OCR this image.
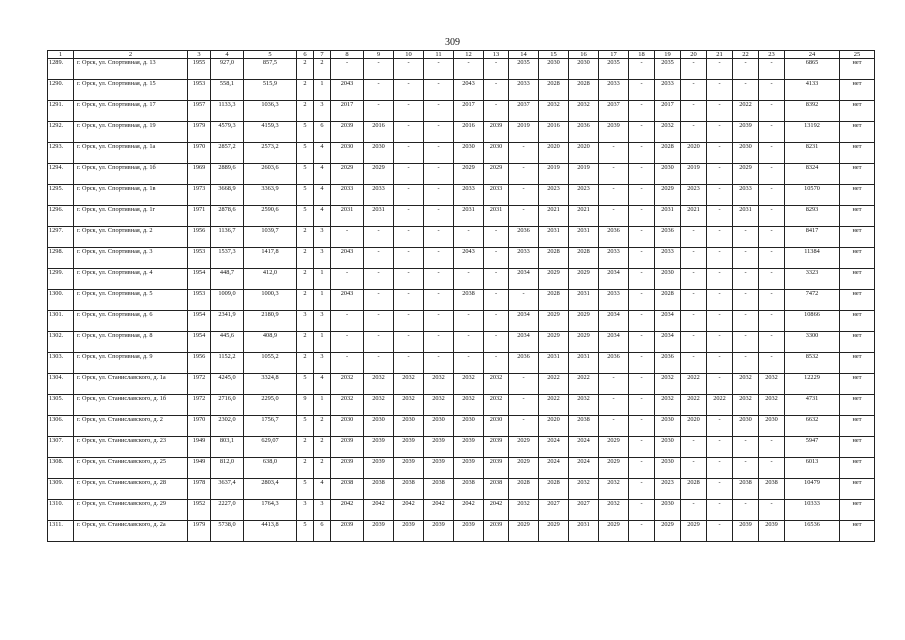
309
1	2	3	4	5	6	7	8	9	10	11	12	13	14	15	16	17	18	19	20	21	22	23	24	25
1289.	г. Орск, ул. Спортивная, д. 13	1955	927,0	857,5	2	2	-	-	-	-	-	-	2035	2030	2030	2035	-	2035	-	-	-	-	6865	нет
1290.	г. Орск, ул. Спортивная, д. 15	1953	558,1	515,9	2	1	2043	-	-	-	2043	-	2033	2028	2028	2033	-	2033	-	-	-	-	4133	нет
1291.	г. Орск, ул. Спортивная, д. 17	1957	1133,3	1036,3	2	3	2017	-	-	-	2017	-	2037	2032	2032	2037	-	2017	-	-	2022	-	8392	нет
1292.	г. Орск, ул. Спортивная, д. 19	1979	4579,3	4159,3	5	6	2039	2016	-	-	2016	2039	2019	2016	2036	2039	-	2032	-	-	2039	-	13192	нет
1293.	г. Орск, ул. Спортивная, д. 1а	1970	2857,2	2573,2	5	4	2030	2030	-	-	2030	2030	-	2020	2020	-	-	2028	2020	-	2030	-	8231	нет
1294.	г. Орск, ул. Спортивная, д. 1б	1969	2889,6	2603,6	5	4	2029	2029	-	-	2029	2029	-	2019	2019	-	-	2030	2019	-	2029	-	8324	нет
1295.	г. Орск, ул. Спортивная, д. 1в	1973	3668,9	3363,9	5	4	2033	2033	-	-	2033	2033	-	2023	2023	-	-	2029	2023	-	2033	-	10570	нет
1296.	г. Орск, ул. Спортивная, д. 1г	1971	2878,6	2590,6	5	4	2031	2031	-	-	2031	2031	-	2021	2021	-	-	2031	2021	-	2031	-	8293	нет
1297.	г. Орск, ул. Спортивная, д. 2	1956	1136,7	1039,7	2	3	-	-	-	-	-	-	2036	2031	2031	2036	-	2036	-	-	-	-	8417	нет
1298.	г. Орск, ул. Спортивная, д. 3	1953	1537,3	1417,8	2	3	2043	-	-	-	2043	-	2033	2028	2028	2033	-	2033	-	-	-	-	11384	нет
1299.	г. Орск, ул. Спортивная, д. 4	1954	448,7	412,0	2	1	-	-	-	-	-	-	2034	2029	2029	2034	-	2030	-	-	-	-	3323	нет
1300.	г. Орск, ул. Спортивная, д. 5	1953	1009,0	1000,3	2	1	2043	-	-	-	2038	-	-	2028	2031	2033	-	2028	-	-	-	-	7472	нет
1301.	г. Орск, ул. Спортивная, д. 6	1954	2341,9	2180,9	3	3	-	-	-	-	-	-	2034	2029	2029	2034	-	2034	-	-	-	-	10866	нет
1302.	г. Орск, ул. Спортивная, д. 8	1954	445,6	408,9	2	1	-	-	-	-	-	-	2034	2029	2029	2034	-	2034	-	-	-	-	3300	нет
1303.	г. Орск, ул. Спортивная, д. 9	1956	1152,2	1055,2	2	3	-	-	-	-	-	-	2036	2031	2031	2036	-	2036	-	-	-	-	8532	нет
1304.	г. Орск, ул. Станиславского, д. 1а	1972	4245,0	3324,8	5	4	2032	2032	2032	2032	2032	2032	-	2022	2022	-	-	2032	2022	-	2032	2032	12229	нет
1305.	г. Орск, ул. Станиславского, д. 1б	1972	2716,0	2295,0	9	1	2032	2032	2032	2032	2032	2032	-	2022	2032	-	-	2032	2022	2022	2032	2032	4731	нет
1306.	г. Орск, ул. Станиславского, д. 2	1970	2302,0	1756,7	5	2	2030	2030	2030	2030	2030	2030	-	2020	2038	-	-	2030	2020	-	2030	2030	6632	нет
1307.	г. Орск, ул. Станиславского, д. 23	1949	803,1	629,07	2	2	2039	2039	2039	2039	2039	2039	2029	2024	2024	2029	-	2030	-	-	-	-	5947	нет
1308.	г. Орск, ул. Станиславского, д. 25	1949	812,0	638,0	2	2	2039	2039	2039	2039	2039	2039	2029	2024	2024	2029	-	2030	-	-	-	-	6013	нет
1309.	г. Орск, ул. Станиславского, д. 28	1978	3637,4	2803,4	5	4	2038	2038	2038	2038	2038	2038	2028	2028	2032	2032	-	2023	2028	-	2038	2038	10479	нет
1310.	г. Орск, ул. Станиславского, д. 29	1952	2227,0	1764,3	3	3	2042	2042	2042	2042	2042	2042	2032	2027	2027	2032	-	2030	-	-	-	-	10333	нет
1311.	г. Орск, ул. Станиславского, д. 2а	1979	5738,0	4413,8	5	6	2039	2039	2039	2039	2039	2039	2029	2029	2031	2029	-	2029	2029	-	2039	2039	16536	нет
